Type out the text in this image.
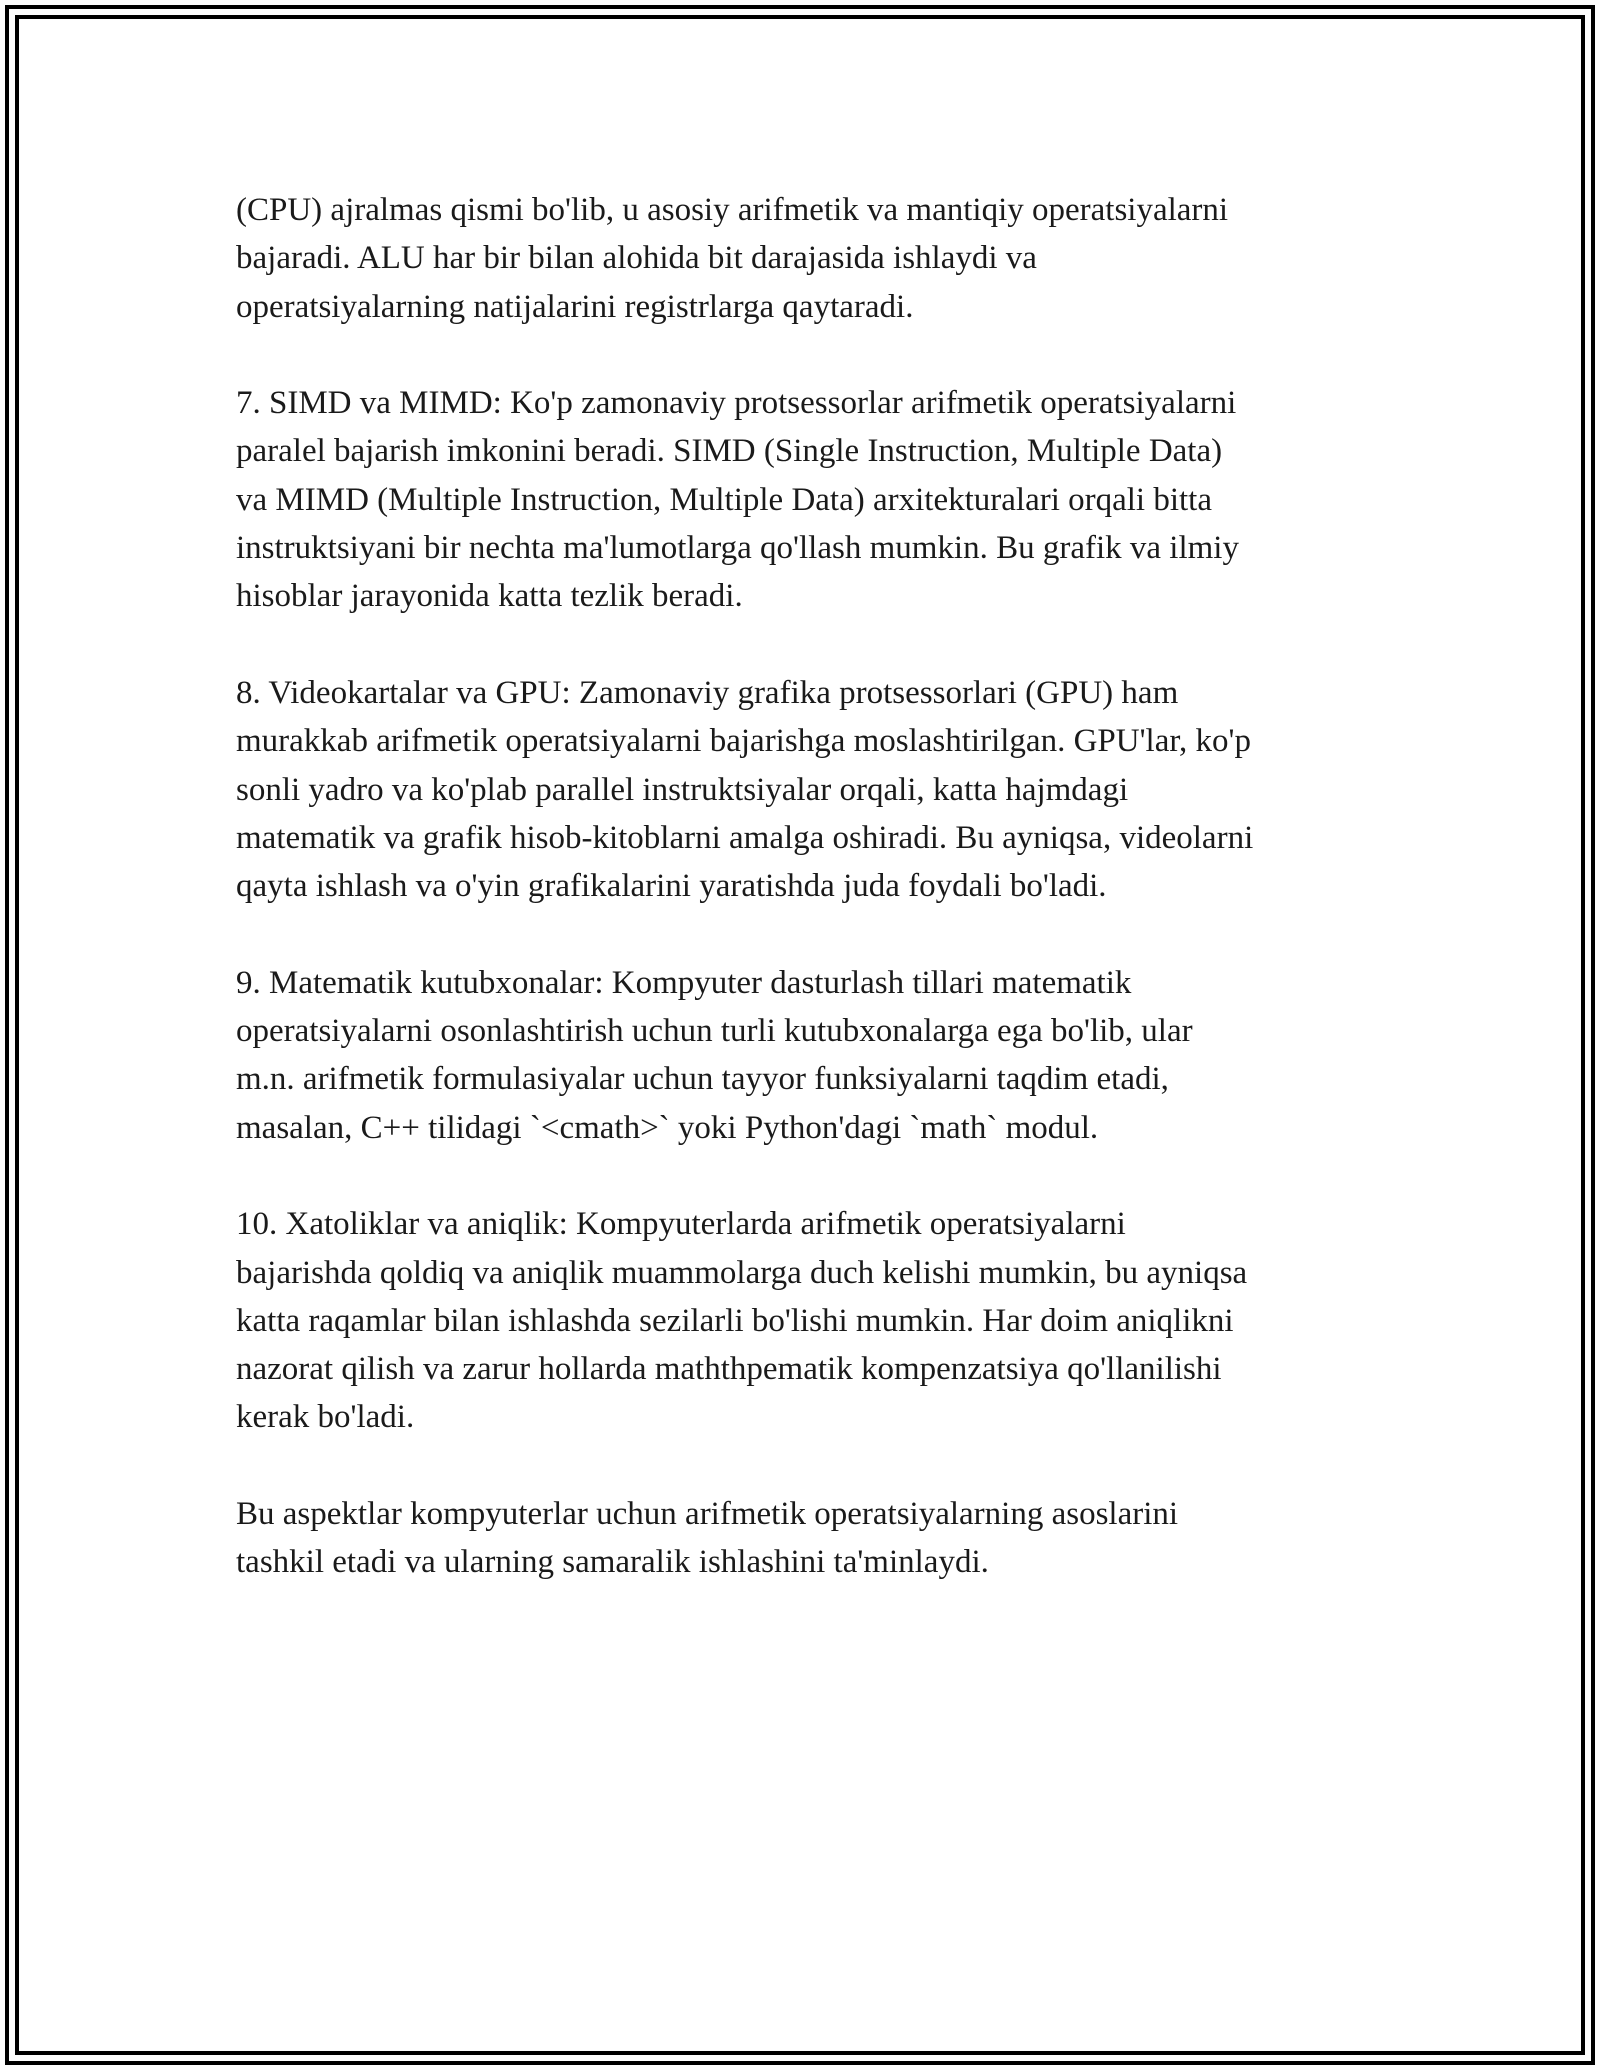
(CPU) ajralmas qismi bo'lib, u asosiy arifmetik va mantiqiy operatsiyalarni
bajaradi. ALU har bir bilan alohida bit darajasida ishlaydi va
operatsiyalarning natijalarini registrlarga qaytaradi.
7. SIMD va MIMD: Ko'p zamonaviy protsessorlar arifmetik operatsiyalarni
paralel bajarish imkonini beradi. SIMD (Single Instruction, Multiple Data)
va MIMD (Multiple Instruction, Multiple Data) arxitekturalari orqali bitta
instruktsiyani bir nechta ma'lumotlarga qo'llash mumkin. Bu grafik va ilmiy
hisoblar jarayonida katta tezlik beradi.
8. Videokartalar va GPU: Zamonaviy grafika protsessorlari (GPU) ham
murakkab arifmetik operatsiyalarni bajarishga moslashtirilgan. GPU'lar, ko'p
sonli yadro va ko'plab parallel instruktsiyalar orqali, katta hajmdagi
matematik va grafik hisob-kitoblarni amalga oshiradi. Bu ayniqsa, videolarni
qayta ishlash va o'yin grafikalarini yaratishda juda foydali bo'ladi.
9. Matematik kutubxonalar: Kompyuter dasturlash tillari matematik
operatsiyalarni osonlashtirish uchun turli kutubxonalarga ega bo'lib, ular
m.n. arifmetik formulasiyalar uchun tayyor funksiyalarni taqdim etadi,
masalan, C++ tilidagi `<cmath>` yoki Python'dagi `math` modul.
10. Xatoliklar va aniqlik: Kompyuterlarda arifmetik operatsiyalarni
bajarishda qoldiq va aniqlik muammolarga duch kelishi mumkin, bu ayniqsa
katta raqamlar bilan ishlashda sezilarli bo'lishi mumkin. Har doim aniqlikni
nazorat qilish va zarur hollarda maththpematik kompenzatsiya qo'llanilishi
kerak bo'ladi.
Bu aspektlar kompyuterlar uchun arifmetik operatsiyalarning asoslarini
tashkil etadi va ularning samaralik ishlashini ta'minlaydi.
